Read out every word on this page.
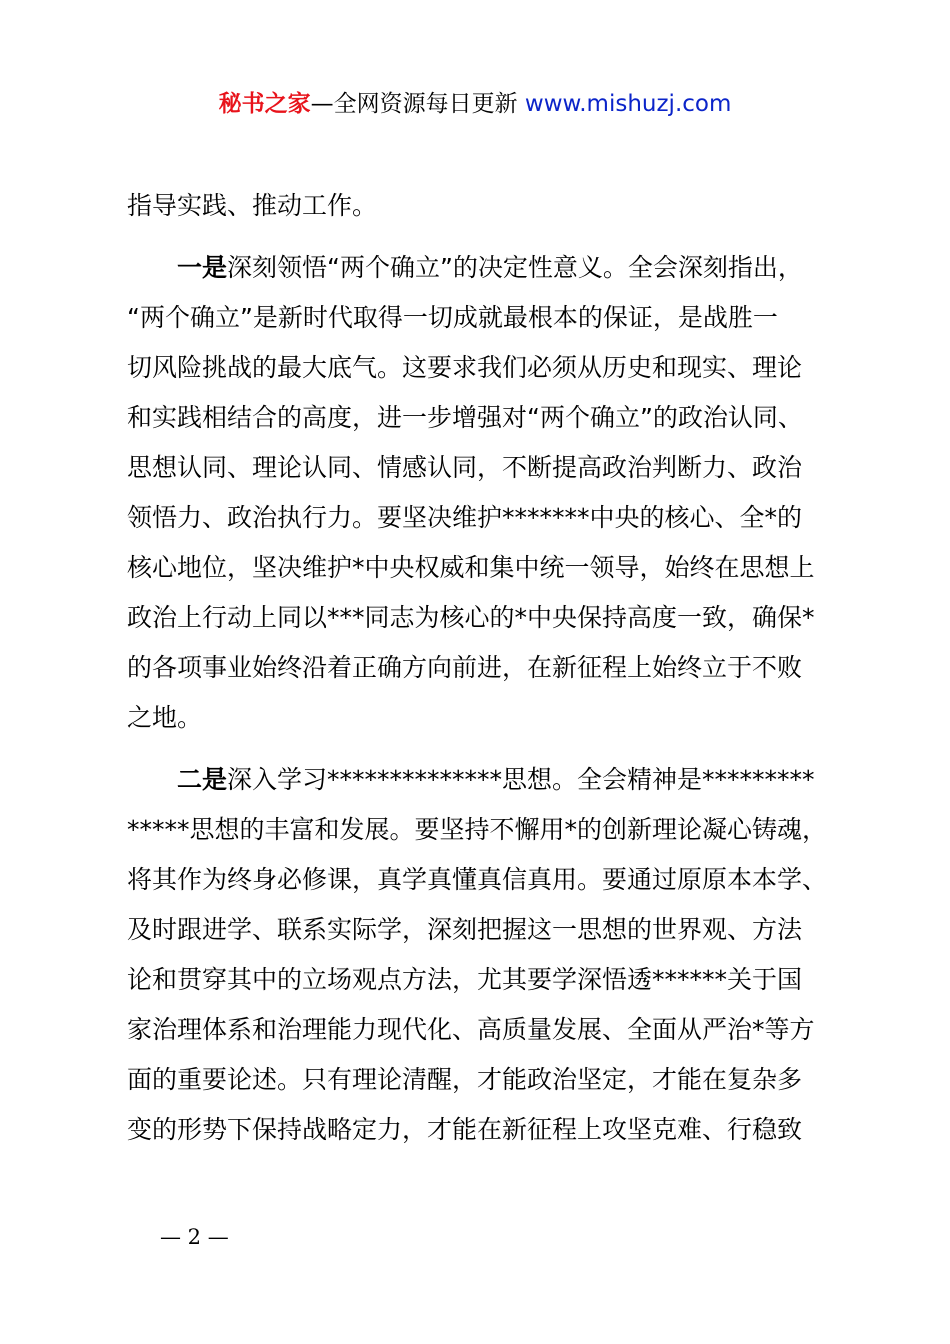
秘书之家—全网资源每日更新 www.mishuzj.com
指导实践、推动工作。
　　一是深刻领悟“两个确立”的决定性意义。全会深刻指出，
“两个确立”是新时代取得一切成就最根本的保证，是战胜一
切风险挑战的最大底气。这要求我们必须从历史和现实、理论
和实践相结合的高度，进一步增强对“两个确立”的政治认同、
思想认同、理论认同、情感认同，不断提高政治判断力、政治
领悟力、政治执行力。要坚决维护*******中央的核心、全*的
核心地位，坚决维护*中央权威和集中统一领导，始终在思想上
政治上行动上同以***同志为核心的*中央保持高度一致，确保*
的各项事业始终沿着正确方向前进，在新征程上始终立于不败
之地。
　　二是深入学习**************思想。全会精神是*********
*****思想的丰富和发展。要坚持不懈用*的创新理论凝心铸魂，
将其作为终身必修课，真学真懂真信真用。要通过原原本本学、
及时跟进学、联系实际学，深刻把握这一思想的世界观、方法
论和贯穿其中的立场观点方法，尤其要学深悟透******关于国
家治理体系和治理能力现代化、高质量发展、全面从严治*等方
面的重要论述。只有理论清醒，才能政治坚定，才能在复杂多
变的形势下保持战略定力，才能在新征程上攻坚克难、行稳致
— 2 —
